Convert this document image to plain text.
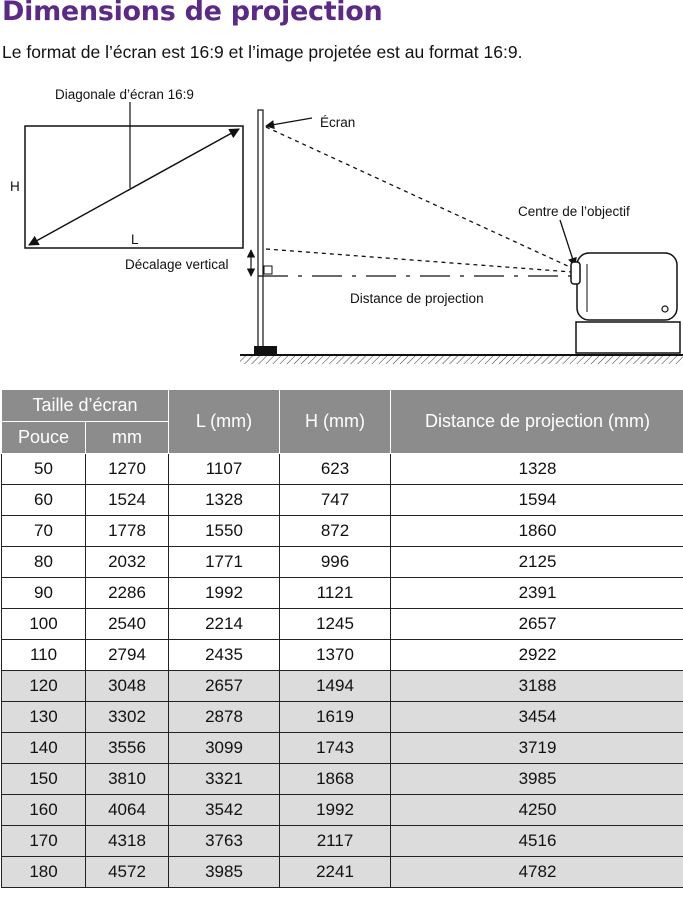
Dimensions de projection

Le format de l’écran est 16:9 et l’image projetée est au format 16:9.

Diagonale d’écran 16:9
H
L
Écran
Décalage vertical
Distance de projection
Centre de l’objectif
Taille d’écran		L (mm)	H (mm)	Distance de projection (mm)
Pouce	mm			
50	1270	1107	623	1328
60	1524	1328	747	1594
70	1778	1550	872	1860
80	2032	1771	996	2125
90	2286	1992	1121	2391
100	2540	2214	1245	2657
110	2794	2435	1370	2922
120	3048	2657	1494	3188
130	3302	2878	1619	3454
140	3556	3099	1743	3719
150	3810	3321	1868	3985
160	4064	3542	1992	4250
170	4318	3763	2117	4516
180	4572	3985	2241	4782
